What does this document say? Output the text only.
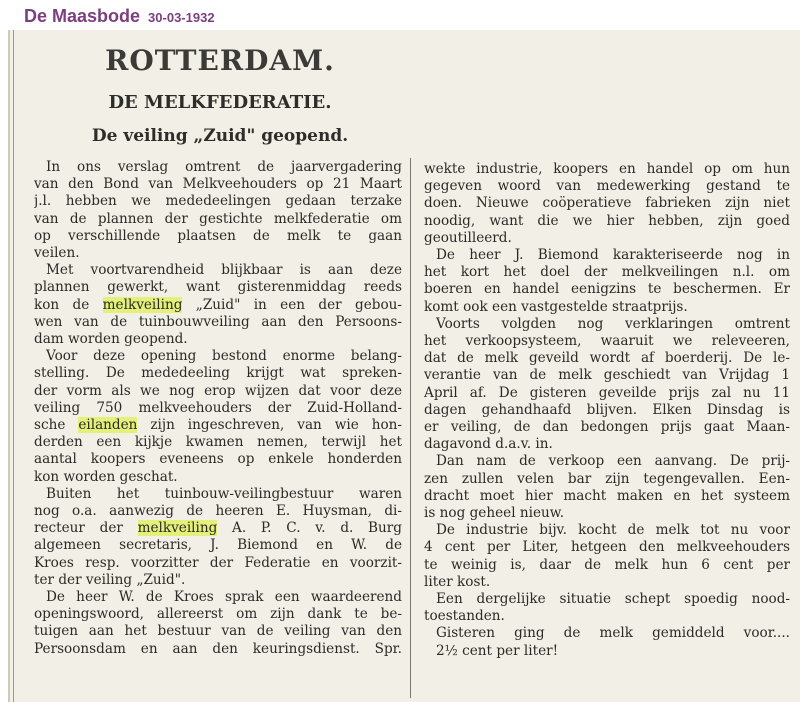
De Maasbode 30-03-1932
ROTTERDAM.
DE MELKFEDERATIE.
De veiling „Zuid" geopend.
In ons verslag omtrent de jaarvergadering
van den Bond van Melkveehouders op 21 Maart
j.l. hebben we mededeelingen gedaan terzake
van de plannen der gestichte melkfederatie om
op verschillende plaatsen de melk te gaan
veilen.
Met voortvarendheid blijkbaar is aan deze
plannen gewerkt, want gisterenmiddag reeds
kon de melkveiling „Zuid" in een der gebou-
wen van de tuinbouwveiling aan den Persoons-
dam worden geopend.
Voor deze opening bestond enorme belang-
stelling. De mededeeling krijgt wat spreken-
der vorm als we nog erop wijzen dat voor deze
veiling 750 melkveehouders der Zuid-Holland-
sche eilanden zijn ingeschreven, van wie hon-
derden een kijkje kwamen nemen, terwijl het
aantal koopers eveneens op enkele honderden
kon worden geschat.
Buiten het tuinbouw-veilingbestuur waren
nog o.a. aanwezig de heeren E. Huysman, di-
recteur der melkveiling A. P. C. v. d. Burg
algemeen secretaris, J. Biemond en W. de
Kroes resp. voorzitter der Federatie en voorzit-
ter der veiling „Zuid".
De heer W. de Kroes sprak een waardeerend
openingswoord, allereerst om zijn dank te be-
tuigen aan het bestuur van de veiling van den
Persoonsdam en aan den keuringsdienst. Spr.
wekte industrie, koopers en handel op om hun
gegeven woord van medewerking gestand te
doen. Nieuwe coöperatieve fabrieken zijn niet
noodig, want die we hier hebben, zijn goed
geoutilleerd.
De heer J. Biemond karakteriseerde nog in
het kort het doel der melkveilingen n.l. om
boeren en handel eenigzins te beschermen. Er
komt ook een vastgestelde straatprijs.
Voorts volgden nog verklaringen omtrent
het verkoopsysteem, waaruit we releveeren,
dat de melk geveild wordt af boerderij. De le-
verantie van de melk geschiedt van Vrijdag 1
April af. De gisteren geveilde prijs zal nu 11
dagen gehandhaafd blijven. Elken Dinsdag is
er veiling, de dan bedongen prijs gaat Maan-
dagavond d.a.v. in.
Dan nam de verkoop een aanvang. De prij-
zen zullen velen bar zijn tegengevallen. Een-
dracht moet hier macht maken en het systeem
is nog geheel nieuw.
De industrie bijv. kocht de melk tot nu voor
4 cent per Liter, hetgeen den melkveehouders
te weinig is, daar de melk hun 6 cent per
liter kost.
Een dergelijke situatie schept spoedig nood-
toestanden.
Gisteren ging de melk gemiddeld voor....
2½ cent per liter!
